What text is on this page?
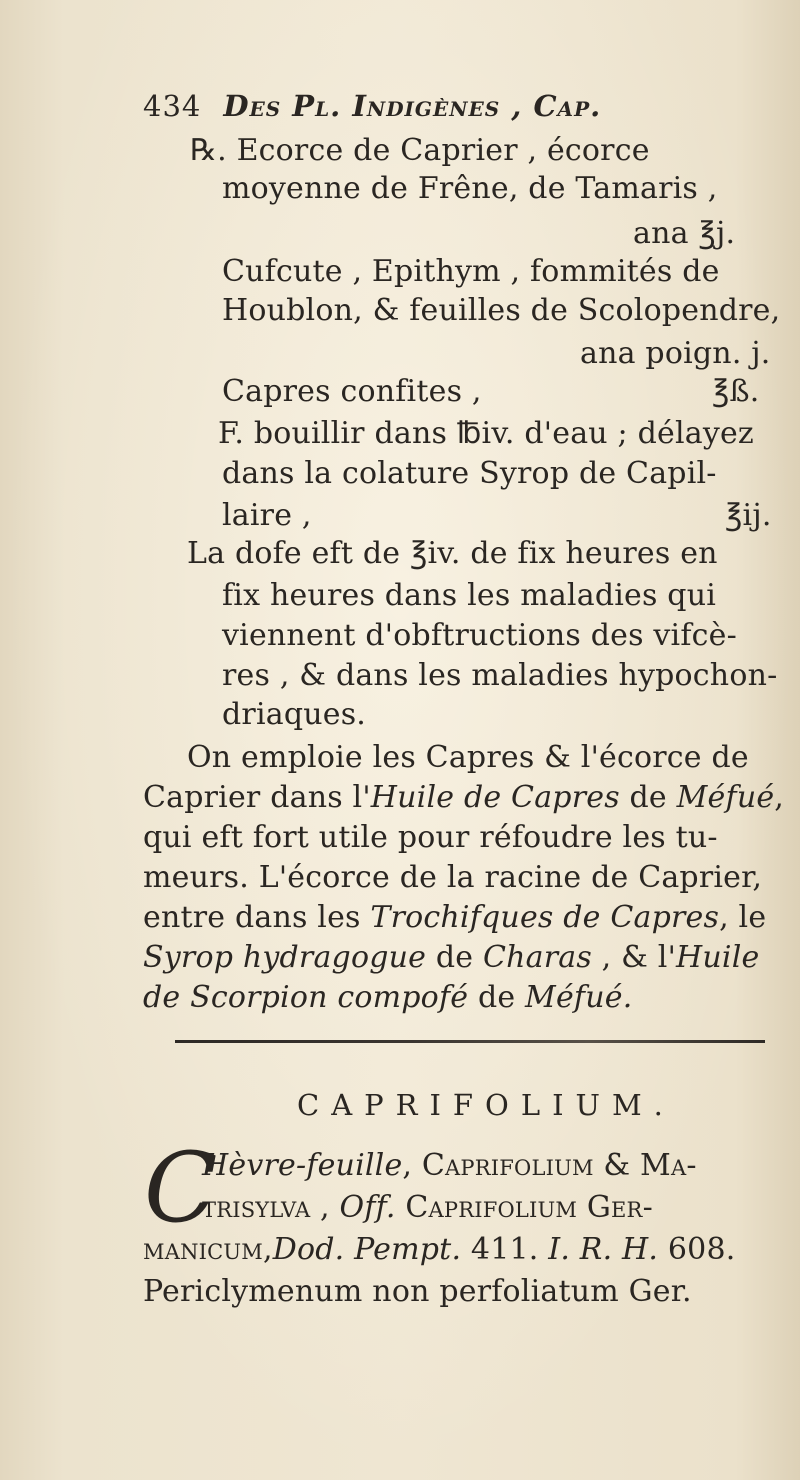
434 Des Pl. Indigènes , Cap.
℞. Ecorce de Caprier , écorce
moyenne de Frêne, de Tamaris ,
ana ℥j.
Cufcute , Epithym , fommités de
Houblon, & feuilles de Scolopendre,
ana poign. j.
Capres confites ,	℥ß.
F. bouillir dans ℔iv. d'eau ; délayez
dans la colature Syrop de Capil-
laire ,	℥ij.
La dofe eft de ℥iv. de fix heures en
fix heures dans les maladies qui
viennent d'obftructions des vifcè-
res , & dans les maladies hypochon-
driaques.
On emploie les Capres & l'écorce de
Caprier dans l'Huile de Capres de Méfué,
qui eft fort utile pour réfoudre les tu-
meurs. L'écorce de la racine de Caprier,
entre dans les Trochifques de Capres, le
Syrop hydragogue de Charas , & l'Huile
de Scorpion compofé de Méfué.
CAPRIFOLIUM.
C
Hèvre-feuille, Caprifolium & Ma-
trisylva , Off. Caprifolium Ger-
manicum,Dod. Pempt. 411. I. R. H. 608.
Periclymenum non perfoliatum Ger.
